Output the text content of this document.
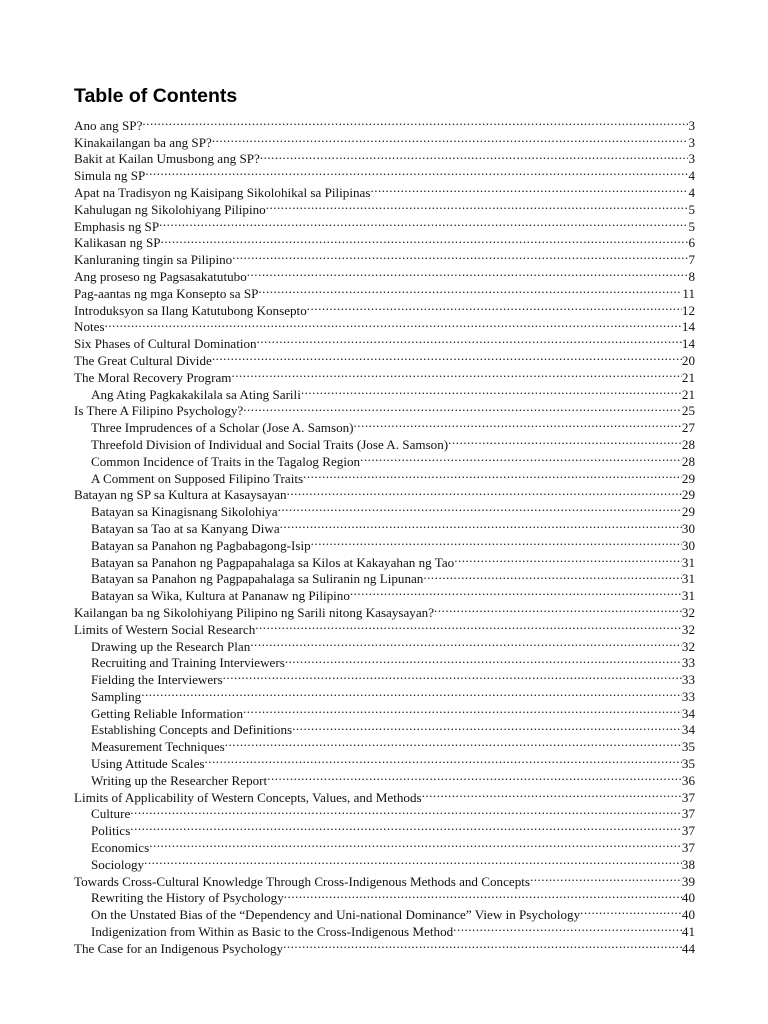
Table of Contents
Ano ang SP? .....	3
Kinakailangan ba ang SP? .....	3
Bakit at Kailan Umusbong ang SP? .....	3
Simula ng SP .....	4
Apat na Tradisyon ng Kaisipang Sikolohikal sa Pilipinas .....	4
Kahulugan ng Sikolohiyang Pilipino .....	5
Emphasis ng SP .....	5
Kalikasan ng SP .....	6
Kanluraning tingin sa Pilipino .....	7
Ang proseso ng Pagsasakatutubo .....	8
Pag-aantas ng mga Konsepto sa SP .....	11
Introduksyon sa Ilang Katutubong Konsepto .....	12
Notes .....	14
Six Phases of Cultural Domination .....	14
The Great Cultural Divide .....	20
The Moral Recovery Program .....	21
Ang Ating Pagkakakilala sa Ating Sarili .....	21
Is There A Filipino Psychology? .....	25
Three Imprudences of a Scholar (Jose A. Samson) .....	27
Threefold Division of Individual and Social Traits (Jose A. Samson) .....	28
Common Incidence of Traits in the Tagalog Region .....	28
A Comment on Supposed Filipino Traits .....	29
Batayan ng SP sa Kultura at Kasaysayan .....	29
Batayan sa Kinagisnang Sikolohiya .....	29
Batayan sa Tao at sa Kanyang Diwa .....	30
Batayan sa Panahon ng Pagbabagong-Isip .....	30
Batayan sa Panahon ng Pagpapahalaga sa Kilos at Kakayahan ng Tao .....	31
Batayan sa Panahon ng Pagpapahalaga sa Suliranin ng Lipunan .....	31
Batayan sa Wika, Kultura at Pananaw ng Pilipino .....	31
Kailangan ba ng Sikolohiyang Pilipino ng Sarili nitong Kasaysayan? .....	32
Limits of Western Social Research .....	32
Drawing up the Research Plan .....	32
Recruiting and Training Interviewers .....	33
Fielding the Interviewers .....	33
Sampling .....	33
Getting Reliable Information .....	34
Establishing Concepts and Definitions .....	34
Measurement Techniques .....	35
Using Attitude Scales .....	35
Writing up the Researcher Report .....	36
Limits of Applicability of Western Concepts, Values, and Methods .....	37
Culture .....	37
Politics .....	37
Economics .....	37
Sociology .....	38
Towards Cross-Cultural Knowledge Through Cross-Indigenous Methods and Concepts .....	39
Rewriting the History of Psychology .....	40
On the Unstated Bias of the “Dependency and Uni-national Dominance” View in Psychology .....	40
Indigenization from Within as Basic to the Cross-Indigenous Method .....	41
The Case for an Indigenous Psychology .....	44
